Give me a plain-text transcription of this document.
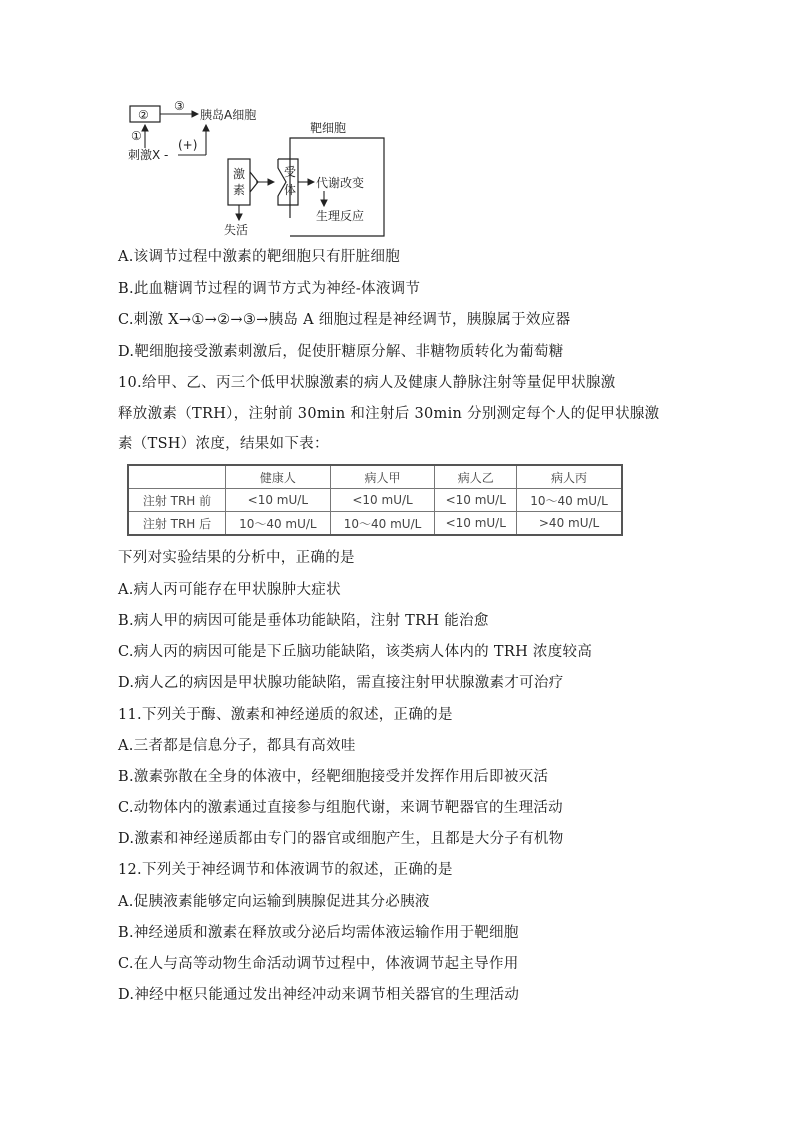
②
③
胰岛A细胞
①
刺激X -
(+)
靶细胞
激
素
失活
受
体 代谢改变
生理反应
A.该调节过程中激素的靶细胞只有肝脏细胞
B.此血糖调节过程的调节方式为神经-体液调节
C.刺激 X→①→②→③→胰岛 A 细胞过程是神经调节，胰腺属于效应器
D.靶细胞接受激素刺激后，促使肝糖原分解、非糖物质转化为葡萄糖
10.给甲、乙、丙三个低甲状腺激素的病人及健康人静脉注射等量促甲状腺激
释放激素（TRH），注射前 30min 和注射后 30min 分别测定每个人的促甲状腺激
素（TSH）浓度，结果如下表：
	健康人	病人甲	病人乙	病人丙
注射 TRH 前	<10 mU/L	<10 mU/L	<10 mU/L	10～40 mU/L
注射 TRH 后	10～40 mU/L	10～40 mU/L	<10 mU/L	>40 mU/L
下列对实验结果的分析中，正确的是
A.病人丙可能存在甲状腺肿大症状
B.病人甲的病因可能是垂体功能缺陷，注射 TRH 能治愈
C.病人丙的病因可能是下丘脑功能缺陷，该类病人体内的 TRH 浓度较高
D.病人乙的病因是甲状腺功能缺陷，需直接注射甲状腺激素才可治疗
11.下列关于酶、激素和神经递质的叙述，正确的是
A.三者都是信息分子，都具有高效哇
B.激素弥散在全身的体液中，经靶细胞接受并发挥作用后即被灭活
C.动物体内的激素通过直接参与组胞代谢，来调节靶器官的生理活动
D.激素和神经递质都由专门的器官或细胞产生，且都是大分子有机物
12.下列关于神经调节和体液调节的叙述，正确的是
A.促胰液素能够定向运输到胰腺促进其分必胰液
B.神经递质和激素在释放或分泌后均需体液运输作用于靶细胞
C.在人与高等动物生命活动调节过程中，体液调节起主导作用
D.神经中枢只能通过发出神经冲动来调节相关器官的生理活动
